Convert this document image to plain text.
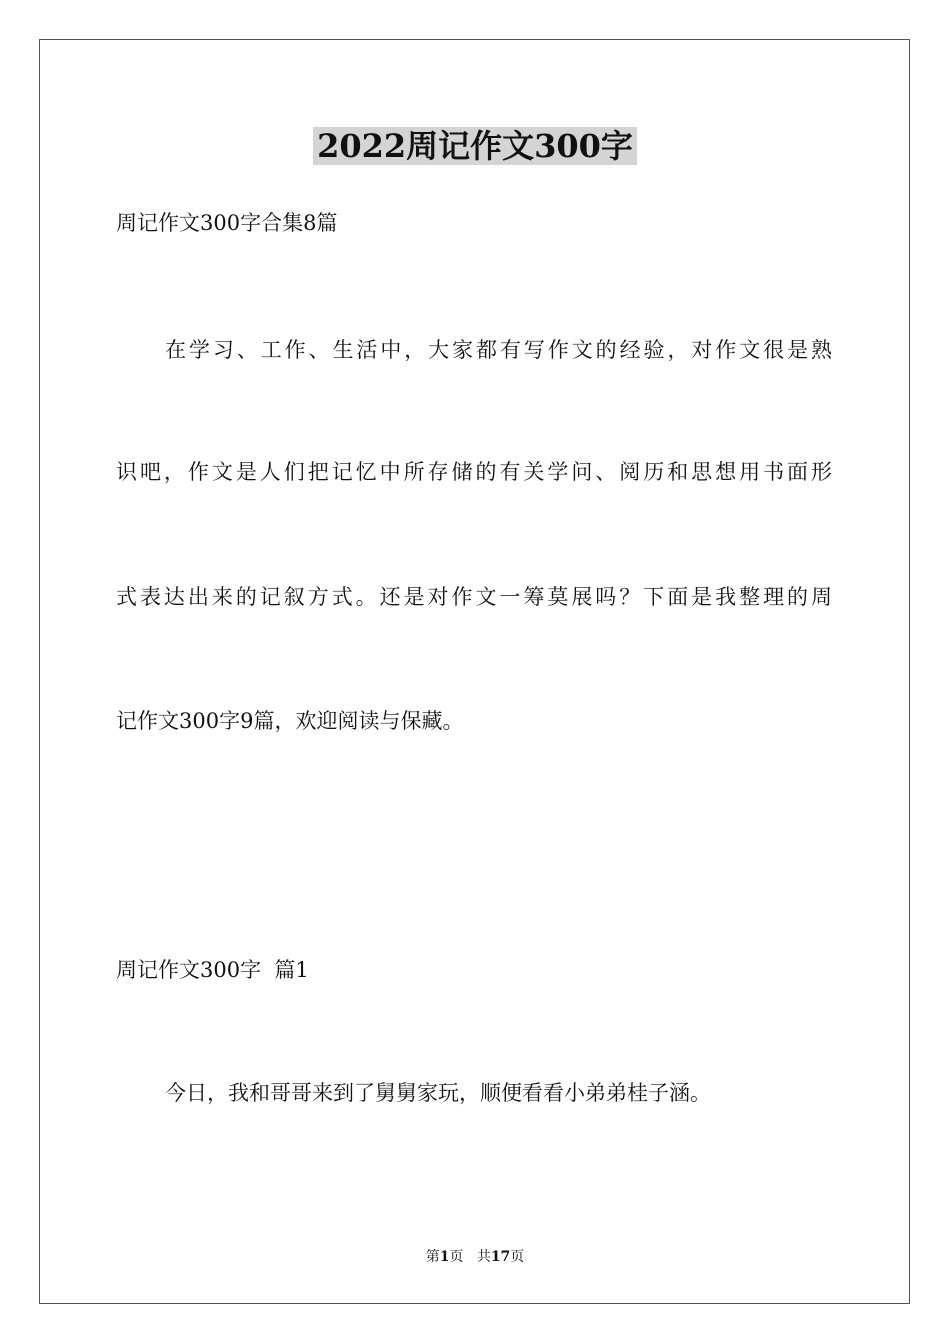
2022周记作文300字
周记作文300字合集8篇
在学习、工作、生活中，大家都有写作文的经验，对作文很是熟
识吧，作文是人们把记忆中所存储的有关学问、阅历和思想用书面形
式表达出来的记叙方式。还是对作文一筹莫展吗？下面是我整理的周
记作文300字9篇，欢迎阅读与保藏。
周记作文300字  篇1
今日，我和哥哥来到了舅舅家玩，顺便看看小弟弟桂子涵。
第1页 共17页
